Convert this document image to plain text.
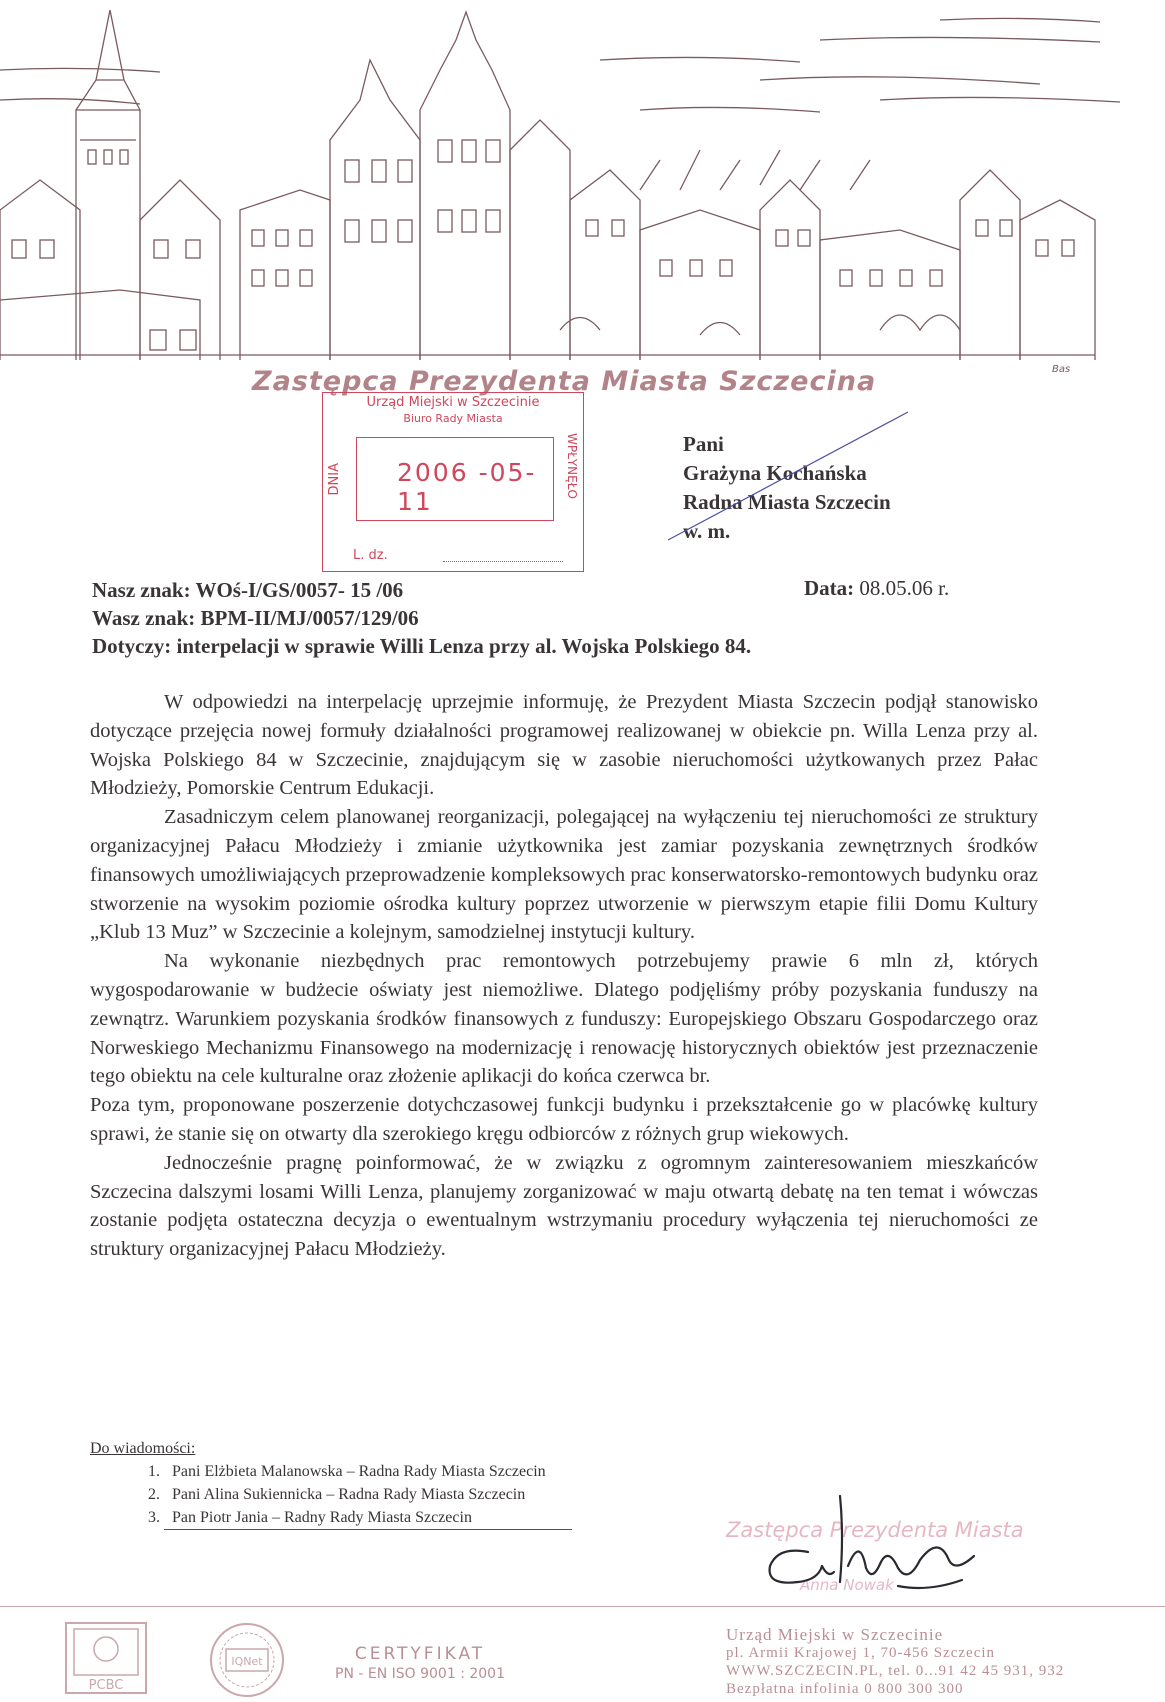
Bas
Zastępca Prezydenta Miasta Szczecina
Urząd Miejski w Szczecinie
Biuro Rady Miasta
DNIA	2006 -05- 11
WPŁYNĘŁO
L. dz.
Pani
Grażyna Kochańska
Radna Miasta Szczecin
w. m.
Nasz znak: WOś-I/GS/0057- 15 /06
Wasz znak: BPM-II/MJ/0057/129/06
Dotyczy: interpelacji w sprawie Willi Lenza przy al. Wojska Polskiego 84.
Data: 08.05.06 r.

W odpowiedzi na interpelację uprzejmie informuję, że Prezydent Miasta Szczecin podjął stanowisko dotyczące przejęcia nowej formuły działalności programowej realizowanej w obiekcie pn. Willa Lenza przy al. Wojska Polskiego 84 w Szczecinie, znajdującym się w zasobie nieruchomości użytkowanych przez Pałac Młodzieży, Pomorskie Centrum Edukacji.

Zasadniczym celem planowanej reorganizacji, polegającej na wyłączeniu tej nieruchomości ze struktury organizacyjnej Pałacu Młodzieży i zmianie użytkownika jest zamiar pozyskania zewnętrznych środków finansowych umożliwiających przeprowadzenie kompleksowych prac konserwatorsko-remontowych budynku oraz stworzenie na wysokim poziomie ośrodka kultury poprzez utworzenie w pierwszym etapie filii Domu Kultury „Klub 13 Muz” w Szczecinie a kolejnym, samodzielnej instytucji kultury.

Na wykonanie niezbędnych prac remontowych potrzebujemy prawie 6 mln zł, których wygospodarowanie w budżecie oświaty jest niemożliwe. Dlatego podjęliśmy próby pozyskania funduszy na zewnątrz. Warunkiem pozyskania środków finansowych z funduszy: Europejskiego Obszaru Gospodarczego oraz Norweskiego Mechanizmu Finansowego na modernizację i renowację historycznych obiektów jest przeznaczenie tego obiektu na cele kulturalne oraz złożenie aplikacji do końca czerwca br.

Poza tym, proponowane poszerzenie dotychczasowej funkcji budynku i przekształcenie go w placówkę kultury sprawi, że stanie się on otwarty dla szerokiego kręgu odbiorców z różnych grup wiekowych.

Jednocześnie pragnę poinformować, że w związku z ogromnym zainteresowaniem mieszkańców Szczecina dalszymi losami Willi Lenza, planujemy zorganizować w maju otwartą debatę na ten temat i wówczas zostanie podjęta ostateczna decyzja o ewentualnym wstrzymaniu procedury wyłączenia tej nieruchomości ze struktury organizacyjnej Pałacu Młodzieży.

Do wiadomości:
1. Pani Elżbieta Malanowska – Radna Rady Miasta Szczecin
2. Pani Alina Sukiennicka – Radna Rady Miasta Szczecin
3. Pan Piotr Jania – Radny Rady Miasta Szczecin
Zastępca Prezydenta Miasta
Anna Nowak
PCBC
IQNet	CERTYFIKAT
PN - EN ISO 9001 : 2001
Urząd Miejski w Szczecinie
pl. Armii Krajowej 1, 70-456 Szczecin
WWW.SZCZECIN.PL, tel. 0...91 42 45 931, 932
Bezpłatna infolinia 0 800 300 300
